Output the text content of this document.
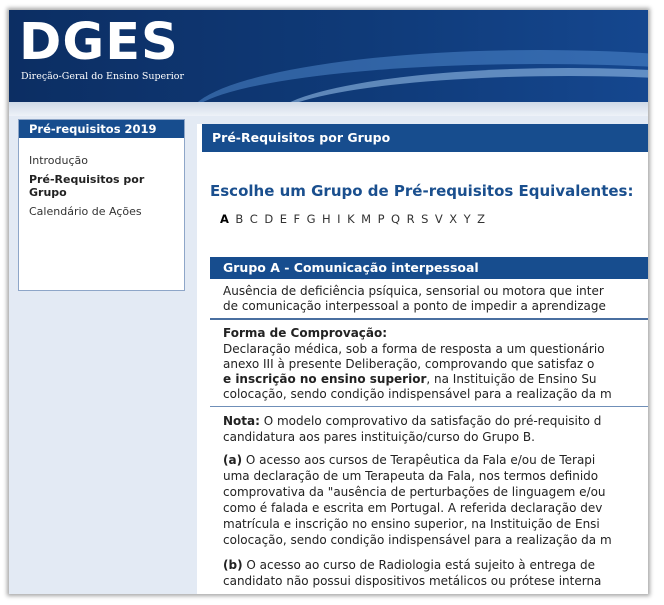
DGES
Direção-Geral do Ensino Superior
Pré-requisitos 2019
Introdução
Pré-Requisitos por Grupo
Calendário de Ações
Pré-Requisitos por Grupo
Escolhe um Grupo de Pré-requisitos Equivalentes:
A B C D E F G H I K M P Q R S V X Y Z
Grupo A - Comunicação interpessoal
Ausência de deficiência psíquica, sensorial ou motora que inter
de comunicação interpessoal a ponto de impedir a aprendizage
Forma de Comprovação:
Declaração médica, sob a forma de resposta a um questionário
anexo III à presente Deliberação, comprovando que satisfaz o
e inscrição no ensino superior, na Instituição de Ensino Su
colocação, sendo condição indispensável para a realização da m
Nota: O modelo comprovativo da satisfação do pré-requisito d
candidatura aos pares instituição/curso do Grupo B.
(a) O acesso aos cursos de Terapêutica da Fala e/ou de Terapi
uma declaração de um Terapeuta da Fala, nos termos definido
comprovativa da "ausência de perturbações de linguagem e/ou
como é falada e escrita em Portugal. A referida declaração dev
matrícula e inscrição no ensino superior, na Instituição de Ensi
colocação, sendo condição indispensável para a realização da m
(b) O acesso ao curso de Radiologia está sujeito à entrega de
candidato não possui dispositivos metálicos ou prótese interna
